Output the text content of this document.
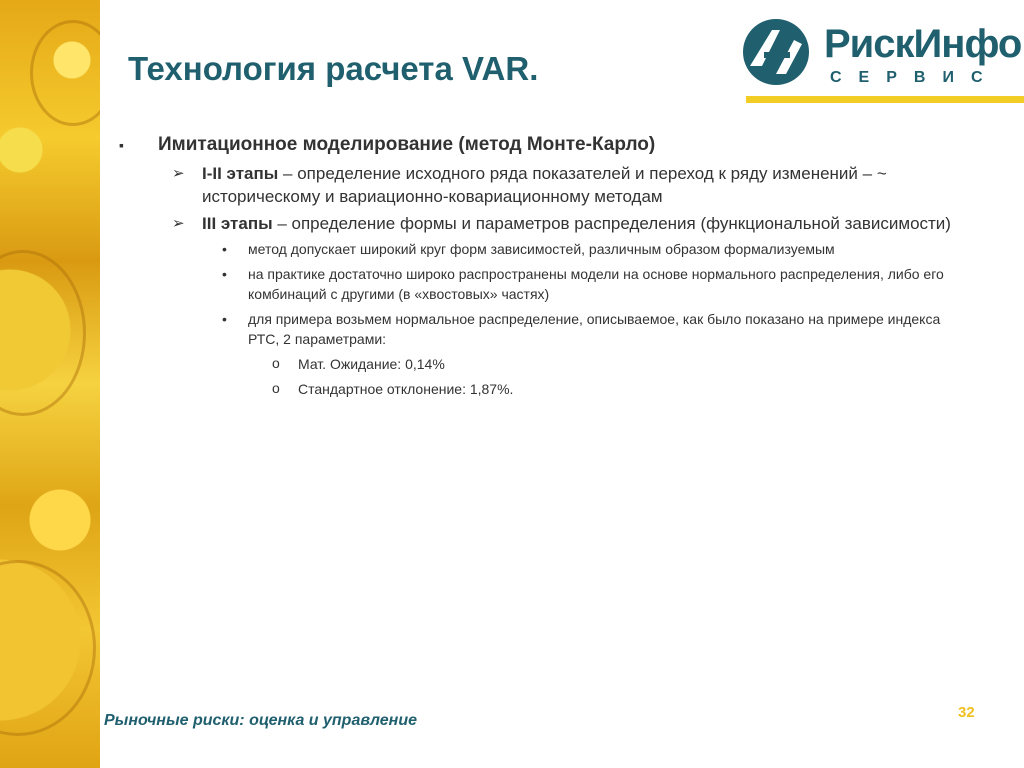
Технология расчета VAR.
РискИнфо
СЕРВИС
▪ Имитационное моделирование (метод Монте-Карло)
➢ I-II этапы – определение исходного ряда показателей и переход к ряду изменений – ~ историческому и вариационно-ковариационному методам
➢ III этапы – определение формы и параметров распределения (функциональной зависимости)
• метод допускает широкий круг форм зависимостей, различным образом формализуемым
• на практике достаточно широко распространены модели на основе нормального распределения, либо его комбинаций с другими (в «хвостовых» частях)
• для примера возьмем нормальное распределение, описываемое, как было показано на примере индекса РТС, 2 параметрами:
o Мат. Ожидание: 0,14%
o Стандартное отклонение: 1,87%.
Рыночные риски: оценка и управление	32
